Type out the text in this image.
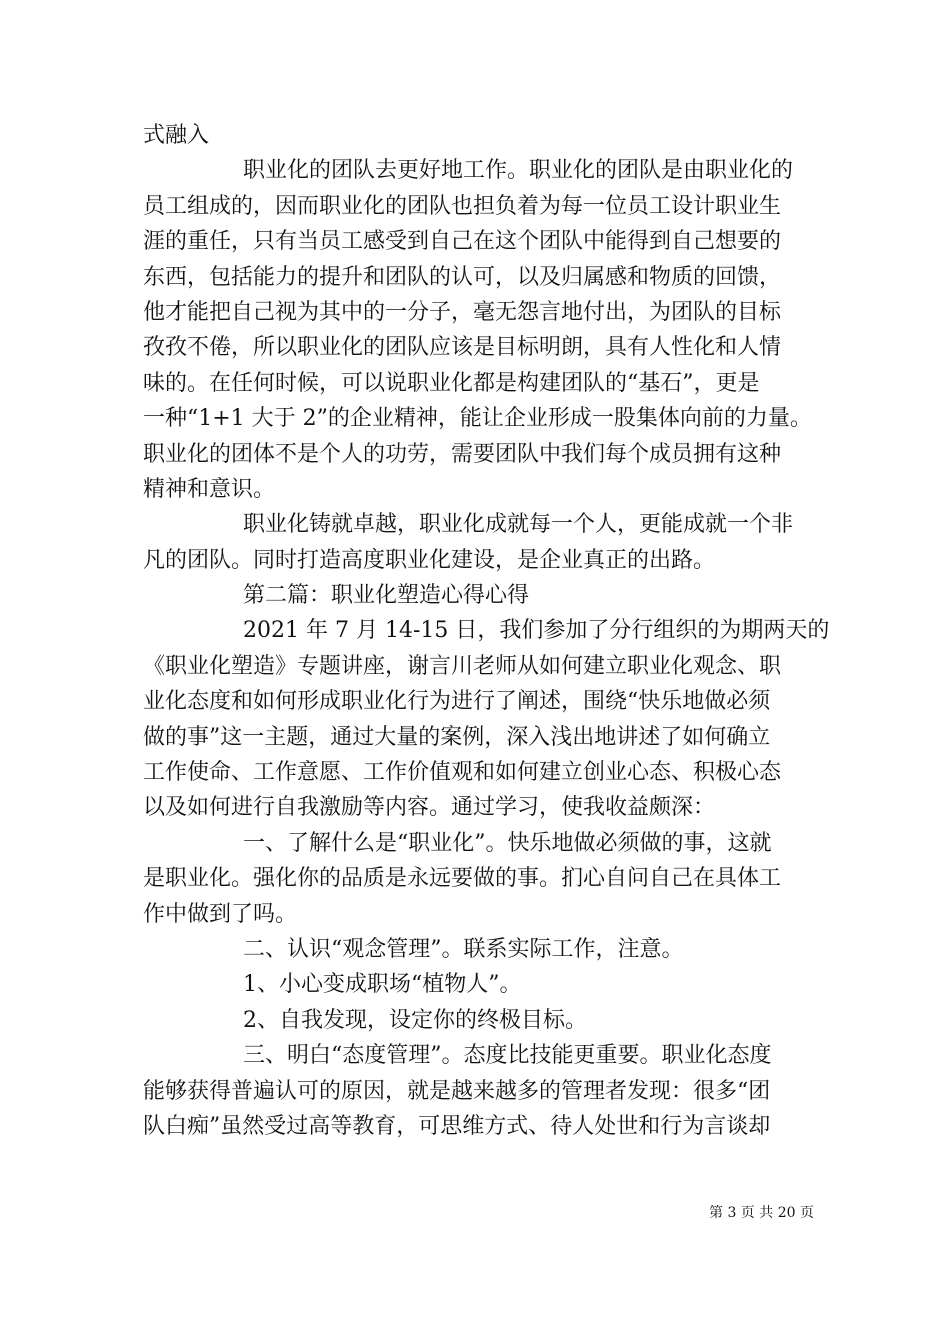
式融入
职业化的团队去更好地工作。职业化的团队是由职业化的
员工组成的，因而职业化的团队也担负着为每一位员工设计职业生
涯的重任，只有当员工感受到自己在这个团队中能得到自己想要的
东西，包括能力的提升和团队的认可，以及归属感和物质的回馈，
他才能把自己视为其中的一分子，毫无怨言地付出，为团队的目标
孜孜不倦，所以职业化的团队应该是目标明朗，具有人性化和人情
味的。在任何时候，可以说职业化都是构建团队的“基石”，更是
一种“1+1 大于 2”的企业精神，能让企业形成一股集体向前的力量。
职业化的团体不是个人的功劳，需要团队中我们每个成员拥有这种
精神和意识。
职业化铸就卓越，职业化成就每一个人，更能成就一个非
凡的团队。同时打造高度职业化建设，是企业真正的出路。
第二篇：职业化塑造心得心得
2021 年 7 月 14-15 日，我们参加了分行组织的为期两天的
《职业化塑造》专题讲座，谢言川老师从如何建立职业化观念、职
业化态度和如何形成职业化行为进行了阐述，围绕“快乐地做必须
做的事”这一主题，通过大量的案例，深入浅出地讲述了如何确立
工作使命、工作意愿、工作价值观和如何建立创业心态、积极心态
以及如何进行自我激励等内容。通过学习，使我收益颇深：
一、了解什么是“职业化”。快乐地做必须做的事，这就
是职业化。强化你的品质是永远要做的事。扪心自问自己在具体工
作中做到了吗。
二、认识“观念管理”。联系实际工作，注意。
1、小心变成职场“植物人”。
2、自我发现，设定你的终极目标。
三、明白“态度管理”。态度比技能更重要。职业化态度
能够获得普遍认可的原因，就是越来越多的管理者发现：很多“团
队白痴”虽然受过高等教育，可思维方式、待人处世和行为言谈却
第 3 页 共 20 页
